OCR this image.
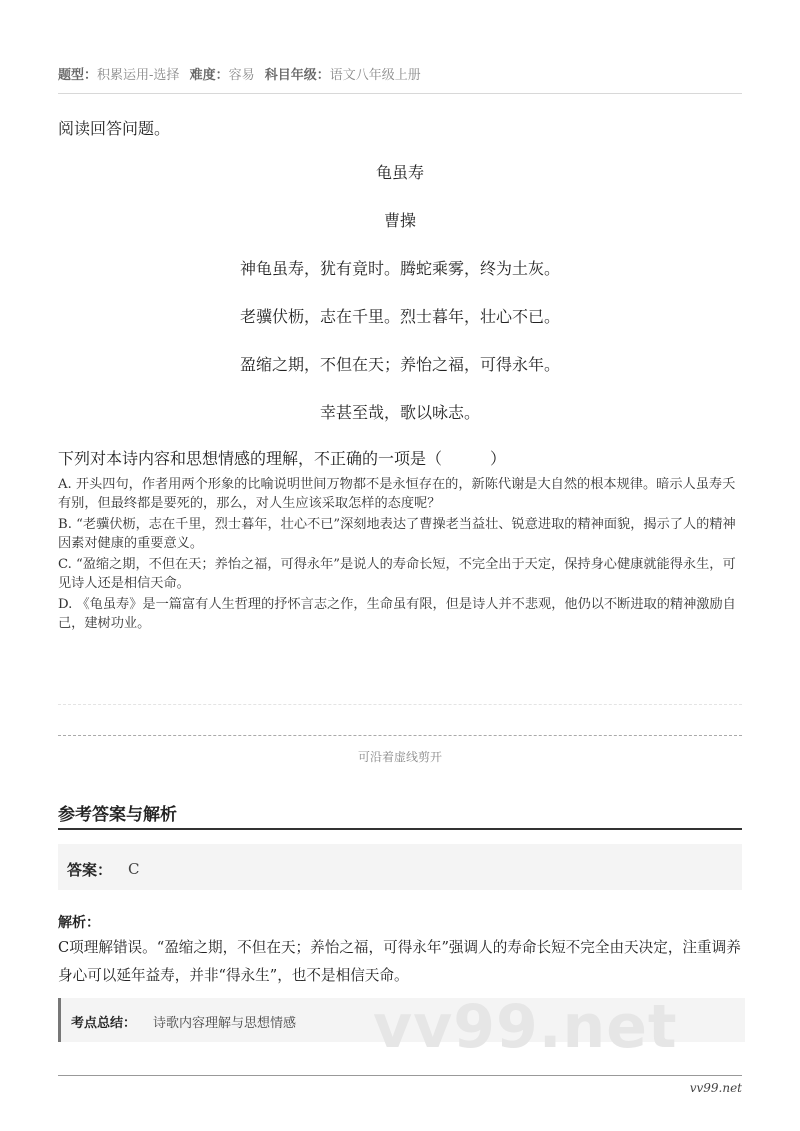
题型：积累运用-选择 难度：容易 科目年级：语文八年级上册
阅读回答问题。
龟虽寿
曹操
神龟虽寿，犹有竟时。腾蛇乘雾，终为土灰。
老骥伏枥，志在千里。烈士暮年，壮心不已。
盈缩之期，不但在天；养怡之福，可得永年。
幸甚至哉，歌以咏志。
下列对本诗内容和思想情感的理解，不正确的一项是（　　　）
A. 开头四句，作者用两个形象的比喻说明世间万物都不是永恒存在的，新陈代谢是大自然的根本规律。暗示人虽寿夭有别，但最终都是要死的，那么，对人生应该采取怎样的态度呢？
B. “老骥伏枥，志在千里，烈士暮年，壮心不已”深刻地表达了曹操老当益壮、锐意进取的精神面貌，揭示了人的精神因素对健康的重要意义。
C. “盈缩之期，不但在天；养怡之福，可得永年”是说人的寿命长短，不完全出于天定，保持身心健康就能得永生，可见诗人还是相信天命。
D. 《龟虽寿》是一篇富有人生哲理的抒怀言志之作，生命虽有限，但是诗人并不悲观，他仍以不断进取的精神激励自己，建树功业。
可沿着虚线剪开
参考答案与解析
答案： C
解析：
C项理解错误。“盈缩之期，不但在天；养怡之福，可得永年”强调人的寿命长短不完全由天决定，注重调养身心可以延年益寿，并非“得永生”，也不是相信天命。
vv99.net
考点总结： 诗歌内容理解与思想情感
vv99.net
